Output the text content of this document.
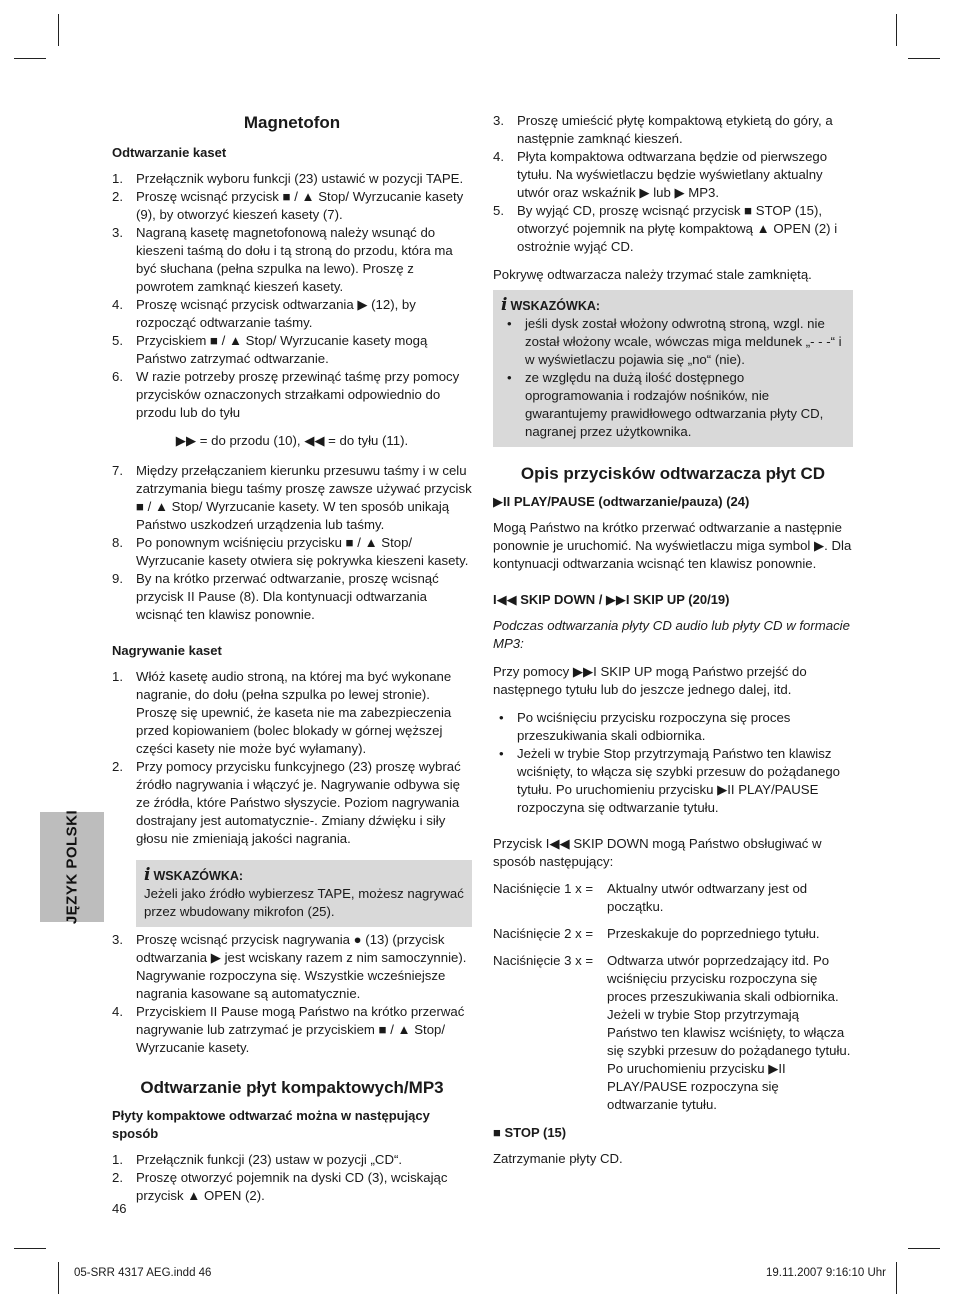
JĘZYK POLSKI
Magnetofon
Odtwarzanie kaset
1. Przełącznik wyboru funkcji (23) ustawić w pozycji TAPE.
2. Proszę wcisnąć przycisk ■ / ▲ Stop/ Wyrzucanie kasety (9), by otworzyć kieszeń kasety (7).
3. Nagraną kasetę magnetofonową należy wsunąć do kieszeni taśmą do dołu i tą stroną do przodu, która ma być słuchana (pełna szpulka na lewo). Proszę z powrotem zamknąć kieszeń kasety.
4. Proszę wcisnąć przycisk odtwarzania ▶ (12), by rozpocząć odtwarzanie taśmy.
5. Przyciskiem ■ / ▲ Stop/ Wyrzucanie kasety mogą Państwo zatrzymać odtwarzanie.
6. W razie potrzeby proszę przewinąć taśmę przy pomocy przycisków oznaczonych strzałkami odpowiednio do przodu lub do tyłu

▶▶ = do przodu (10), ◀◀ = do tyłu (11).

7. Między przełączaniem kierunku przesuwu taśmy i w celu zatrzymania biegu taśmy proszę zawsze używać przycisk ■ / ▲ Stop/ Wyrzucanie kasety. W ten sposób unikają Państwo uszkodzeń urządzenia lub taśmy.
8. Po ponownym wciśnięciu przycisku ■ / ▲ Stop/ Wyrzucanie kasety otwiera się pokrywka kieszeni kasety.
9. By na krótko przerwać odtwarzanie, proszę wcisnąć przycisk II Pause (8). Dla kontynuacji odtwarzania wcisnąć ten klawisz ponownie.
Nagrywanie kaset
1. Włóż kasetę audio stroną, na której ma być wykonane nagranie, do dołu (pełna szpulka po lewej stronie). Proszę się upewnić, że kaseta nie ma zabezpieczenia przed kopiowaniem (bolec blokady w górnej węższej części kasety nie może być wyłamany).
2. Przy pomocy przycisku funkcyjnego (23) proszę wybrać źródło nagrywania i włączyć je. Nagrywanie odbywa się ze źródła, które Państwo słyszycie. Poziom nagrywania dostrajany jest automatycznie-. Zmiany dźwięku i siły głosu nie zmieniają jakości nagrania.
i WSKAZÓWKA:

Jeżeli jako źródło wybierzesz TAPE, możesz nagrywać przez wbudowany mikrofon (25).

3. Proszę wcisnąć przycisk nagrywania ● (13) (przycisk odtwarzania ▶ jest wciskany razem z nim samoczynnie). Nagrywanie rozpoczyna się. Wszystkie wcześniejsze nagrania kasowane są automatycznie.
4. Przyciskiem II Pause mogą Państwo na krótko przerwać nagrywanie lub zatrzymać je przyciskiem ■ / ▲ Stop/ Wyrzucanie kasety.
Odtwarzanie płyt kompaktowych/MP3
Płyty kompaktowe odtwarzać można w następujący sposób
1. Przełącznik funkcji (23) ustaw w pozycji „CD“.
2. Proszę otworzyć pojemnik na dyski CD (3), wciskając przycisk ▲ OPEN (2).
3. Proszę umieścić płytę kompaktową etykietą do góry, a następnie zamknąć kieszeń.
4. Płyta kompaktowa odtwarzana będzie od pierwszego tytułu. Na wyświetlaczu będzie wyświetlany aktualny utwór oraz wskaźnik ▶ lub ▶ MP3.
5. By wyjąć CD, proszę wcisnąć przycisk ■ STOP (15), otworzyć pojemnik na płytę kompaktową ▲ OPEN (2) i ostrożnie wyjąć CD.

Pokrywę odtwarzacza należy trzymać stale zamkniętą.

i WSKAZÓWKA:
• jeśli dysk został włożony odwrotną stroną, wzgl. nie został włożony wcale, wówczas miga meldunek „- - -“ i w wyświetlaczu pojawia się „no“ (nie).
• ze względu na dużą ilość dostępnego oprogramowania i rodzajów nośników, nie gwarantujemy prawidłowego odtwarzania płyty CD, nagranej przez użytkownika.
Opis przycisków odtwarzacza płyt CD
▶II PLAY/PAUSE (odtwarzanie/pauza) (24)

Mogą Państwo na krótko przerwać odtwarzanie a następnie ponownie je uruchomić. Na wyświetlaczu miga symbol ▶. Dla kontynuacji odtwarzania wcisnąć ten klawisz ponownie.

I◀◀ SKIP DOWN / ▶▶I SKIP UP (20/19)

Podczas odtwarzania płyty CD audio lub płyty CD w formacie MP3:

Przy pomocy ▶▶I SKIP UP mogą Państwo przejść do następnego tytułu lub do jeszcze jednego dalej, itd.

• Po wciśnięciu przycisku rozpoczyna się proces przeszukiwania skali odbiornika.
• Jeżeli w trybie Stop przytrzymają Państwo ten klawisz wciśnięty, to włącza się szybki przesuw do pożądanego tytułu. Po uruchomieniu przycisku ▶II PLAY/PAUSE rozpoczyna się odtwarzanie tytułu.

Przycisk I◀◀ SKIP DOWN mogą Państwo obsługiwać w sposób następujący:

Naciśnięcie 1 x =	Aktualny utwór odtwarzany jest od początku.
Naciśnięcie 2 x =	Przeskakuje do poprzedniego tytułu.
Naciśnięcie 3 x =	Odtwarza utwór poprzedzający itd. Po wciśnięciu przycisku rozpoczyna się proces przeszukiwania skali odbiornika. Jeżeli w trybie Stop przytrzymają Państwo ten klawisz wciśnięty, to włącza się szybki przesuw do pożądanego tytułu. Po uruchomieniu przycisku ▶II PLAY/PAUSE rozpoczyna się odtwarzanie tytułu.
■ STOP (15)

Zatrzymanie płyty CD.

46
05-SRR 4317 AEG.indd 46	19.11.2007 9:16:10 Uhr
